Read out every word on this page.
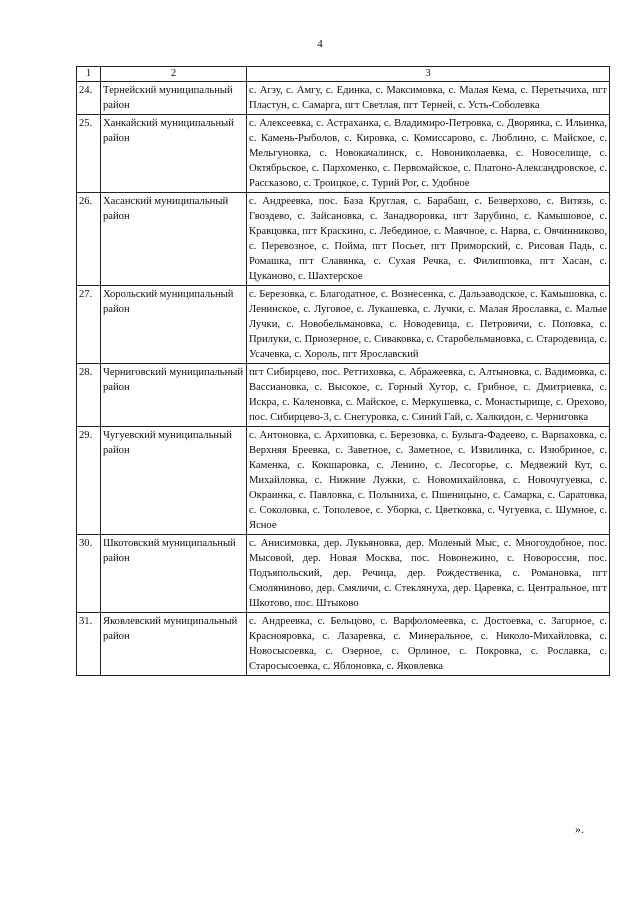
4
1	2	3
24.	Тернейский муниципальный район	с. Агзу, с. Амгу, с. Единка, с. Максимовка, с. Малая Кема, с. Перетычиха, пгт Пластун, с. Самарга, пгт Светлая, пгт Терней, с. Усть-Соболевка
25.	Ханкайский муниципальный район	с. Алексеевка, с. Астраханка, с. Владимиро-Петровка, с. Дворянка, с. Ильинка, с. Камень-Рыболов, с. Кировка, с. Комиссарово, с. Люблино, с. Майское, с. Мельгуновка, с. Новокачалинск, с. Новониколаевка, с. Новоселище, с. Октябрьское, с. Пархоменко, с. Первомайское, с. Платоно-Александровское, с. Рассказово, с. Троицкое, с. Турий Рог, с. Удобное
26.	Хасанский муниципальный район	с. Андреевка, пос. База Круглая, с. Барабаш, с. Безверхово, с. Витязь, с. Гвоздево, с. Зайсановка, с. Занадворовка, пгт Зарубино, с. Камышовое, с. Кравцовка, пгт Краскино, с. Лебединое, с. Маячное, с. Нарва, с. Овчинниково, с. Перевозное, с. Пойма, пгт Посьет, пгт Приморский, с. Рисовая Падь, с. Ромашка, пгт Славянка, с. Сухая Речка, с. Филипповка, пгт Хасан, с. Цуканово, с. Шахтерское
27.	Хорольский муниципальный район	с. Березовка, с. Благодатное, с. Вознесенка, с. Дальзаводское, с. Камышовка, с. Ленинское, с. Луговое, с. Лукашевка, с. Лучки, с. Малая Ярославка, с. Малые Лучки, с. Новобельмановка, с. Новодевица, с. Петровичи, с. Поповка, с. Прилуки, с. Приозерное, с. Сиваковка, с. Старобельмановка, с. Стародевица, с. Усачевка, с. Хороль, пгт Ярославский
28.	Черниговский муниципальный район	пгт Сибирцево, пос. Реттиховка, с. Абражеевка, с. Алтыновка, с. Вадимовка, с. Вассиановка, с. Высокое, с. Горный Хутор, с. Грибное, с. Дмитриевка, с. Искра, с. Каленовка, с. Майское, с. Меркушевка, с. Монастырище, с. Орехово, пос. Сибирцево-3, с. Снегуровка, с. Синий Гай, с. Халкидон, с. Черниговка
29.	Чугуевский муниципальный район	с. Антоновка, с. Архиповка, с. Березовка, с. Булыга-Фадеево, с. Варпаховка, с. Верхняя Бреевка, с. Заветное, с. Заметное, с. Извилинка, с. Изюбриное, с. Каменка, с. Кокшаровка, с. Ленино, с. Лесогорье, с. Медвежий Кут, с. Михайловка, с. Нижние Лужки, с. Новомихайловка, с. Новочугуевка, с. Окраинка, с. Павловка, с. Полыниха, с. Пшеницыно, с. Самарка, с. Саратовка, с. Соколовка, с. Тополевое, с. Уборка, с. Цветковка, с. Чугуевка, с. Шумное, с. Ясное
30.	Шкотовский муниципальный район	с. Анисимовка, дер. Лукьяновка, дер. Моленый Мыс, с. Многоудобное, пос. Мысовой, дер. Новая Москва, пос. Новонежино, с. Новороссия, пос. Подъяпольский, дер. Речица, дер. Рождественка, с. Романовка, пгт Смоляниново, дер. Смяличи, с. Стеклянуха, дер. Царевка, с. Центральное, пгт Шкотово, пос. Штыково
31.	Яковлевский муниципальный район	с. Андреевка, с. Бельцово, с. Варфоломеевка, с. Достоевка, с. Загорное, с. Краснояровка, с. Лазаревка, с. Минеральное, с. Николо-Михайловка, с. Новосысоевка, с. Озерное, с. Орлиное, с. Покровка, с. Рославка, с. Старосысоевка, с. Яблоновка, с. Яковлевка
».
